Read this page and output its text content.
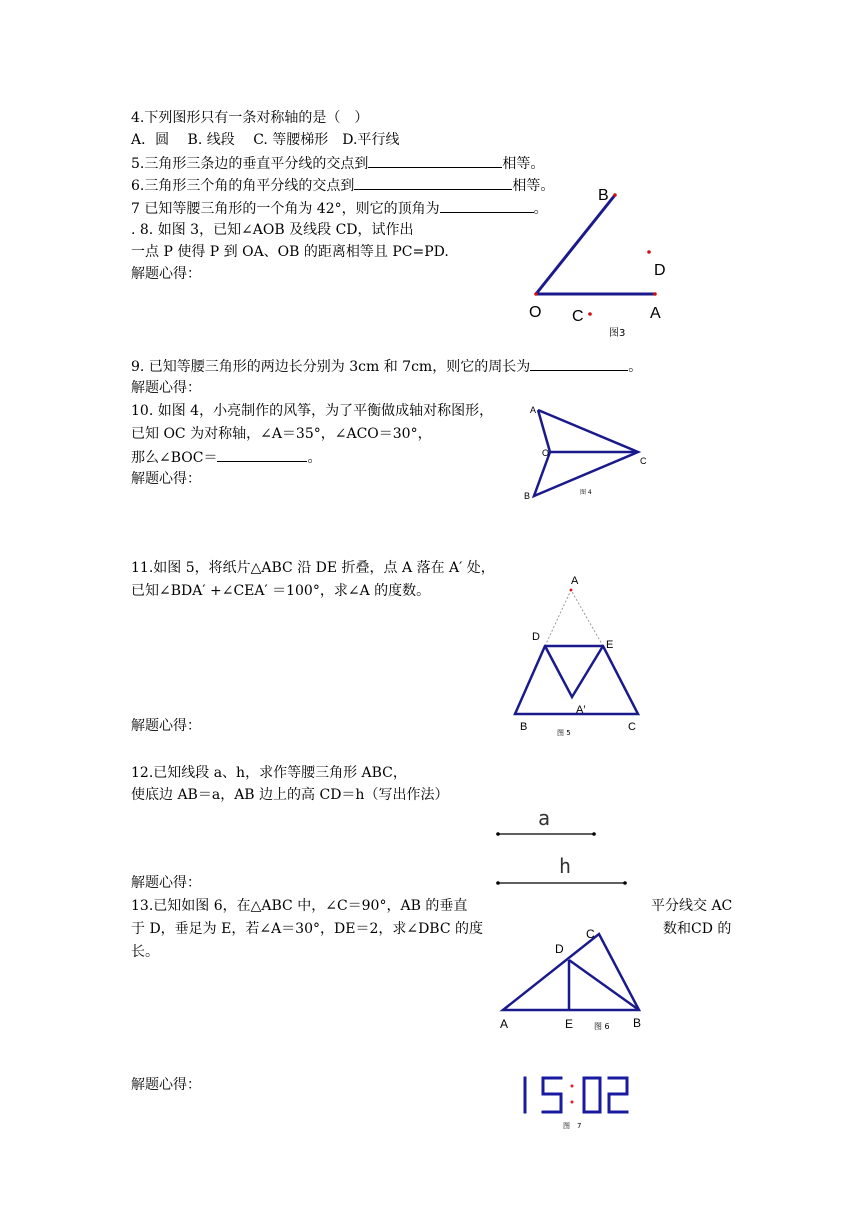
4.下列图形只有一条对称轴的是（　）
A．圆　 B. 线段　 C. 等腰梯形　D.平行线
5.三角形三条边的垂直平分线的交点到	相等。
6.三角形三个角的角平分线的交点到	相等。
7 已知等腰三角形的一个角为 42°，则它的顶角为	。
. 8. 如图 3，已知∠AOB 及线段 CD，试作出
一点 P 使得 P 到 OA、OB 的距离相等且 PC=PD.
解题心得：
B
D
O C	A
图3
9. 已知等腰三角形的两边长分别为 3cm 和 7cm，则它的周长为	。
解题心得：
10. 如图 4，小亮制作的风筝，为了平衡做成轴对称图形，
已知 OC 为对称轴，∠A＝35°，∠ACO＝30°，
那么∠BOC＝	。
解题心得：
A
O
C
B	图 4
11.如图 5，将纸片△ABC 沿 DE 折叠，点 A 落在 A′ 处，
已知∠BDA′ +∠CEA′ ＝100°，求∠A 的度数。
解题心得：
A
D
E
A′
B	C
图 5
12.已知线段 a、h，求作等腰三角形 ABC，
使底边 AB＝a，AB 边上的高 CD＝h（写出作法）
解题心得：
a
h
13.已知如图 6，在△ABC 中，∠C＝90°，AB 的垂直	平分线交 AC
于 D，垂足为 E，若∠A＝30°，DE＝2，求∠DBC 的度	数和CD 的
长。
解题心得：
C
D
A	E	B
图 6
图　7
